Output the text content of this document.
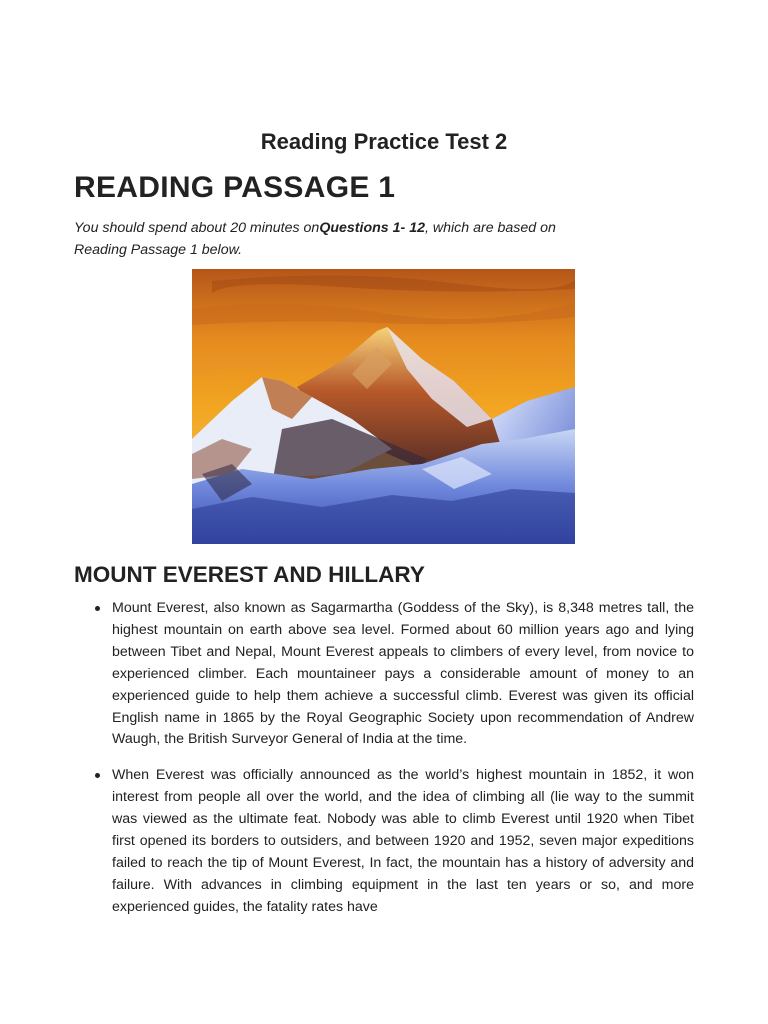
Reading Practice Test 2
READING PASSAGE 1

You should spend about 20 minutes onQuestions 1- 12, which are based on Reading Passage 1 below.

MOUNT EVEREST AND HILLARY
Mount Everest, also known as Sagarmartha (Goddess of the Sky), is 8,348 metres tall, the highest mountain on earth above sea level. Formed about 60 million years ago and lying between Tibet and Nepal, Mount Everest appeals to climbers of every level, from novice to experienced climber. Each mountaineer pays a considerable amount of money to an experienced guide to help them achieve a successful climb. Everest was given its official English name in 1865 by the Royal Geographic Society upon recommendation of Andrew Waugh, the British Surveyor General of India at the time.
When Everest was officially announced as the world’s highest mountain in 1852, it won interest from people all over the world, and the idea of climbing all (lie way to the summit was viewed as the ultimate feat. Nobody was able to climb Everest until 1920 when Tibet first opened its borders to outsiders, and between 1920 and 1952, seven major expeditions failed to reach the tip of Mount Everest, In fact, the mountain has a history of adversity and failure. With advances in climbing equipment in the last ten years or so, and more experienced guides, the fatality rates have
